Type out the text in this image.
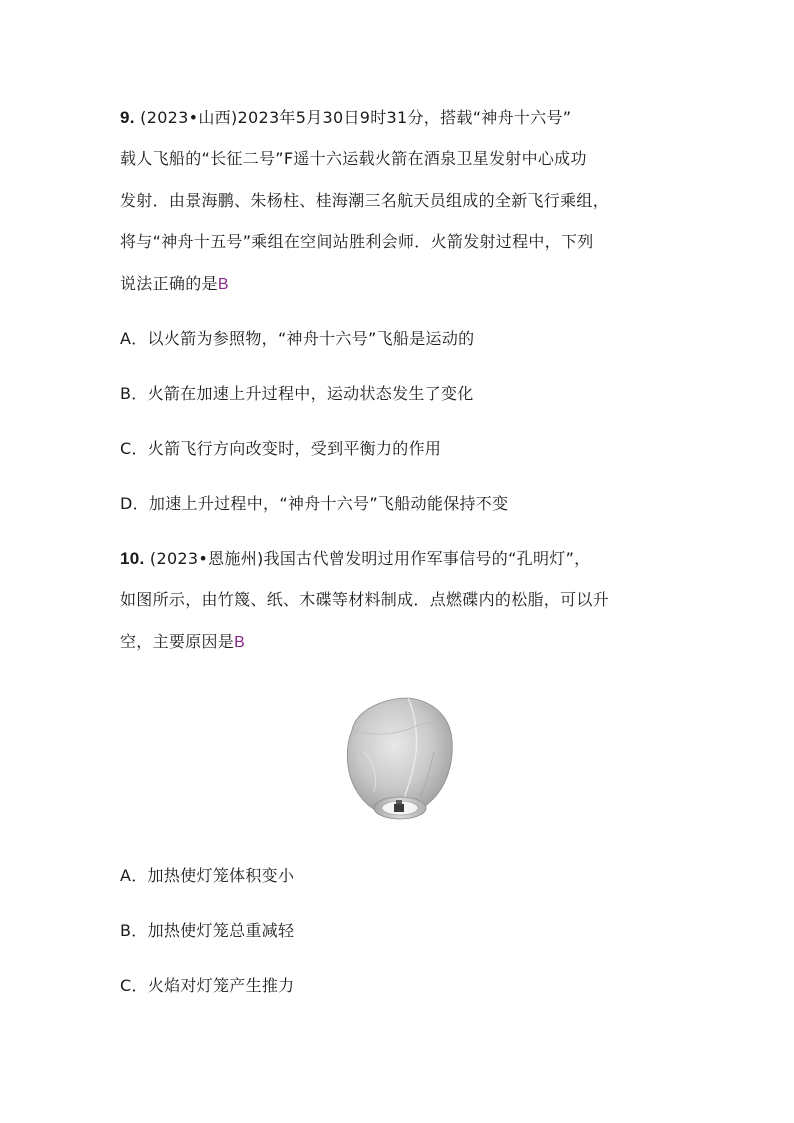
9. (2023•山西)2023年5月30日9时31分，搭载“神舟十六号”
载人飞船的“长征二号”F遥十六运载火箭在酒泉卫星发射中心成功
发射．由景海鹏、朱杨柱、桂海潮三名航天员组成的全新飞行乘组，
将与“神舟十五号”乘组在空间站胜利会师．火箭发射过程中，下列
说法正确的是B
A．以火箭为参照物，“神舟十六号”飞船是运动的
B．火箭在加速上升过程中，运动状态发生了变化
C．火箭飞行方向改变时，受到平衡力的作用
D．加速上升过程中，“神舟十六号”飞船动能保持不变
10. (2023•恩施州)我国古代曾发明过用作军事信号的“孔明灯”，
如图所示，由竹篾、纸、木碟等材料制成．点燃碟内的松脂，可以升
空，主要原因是B
A．加热使灯笼体积变小
B．加热使灯笼总重减轻
C．火焰对灯笼产生推力
